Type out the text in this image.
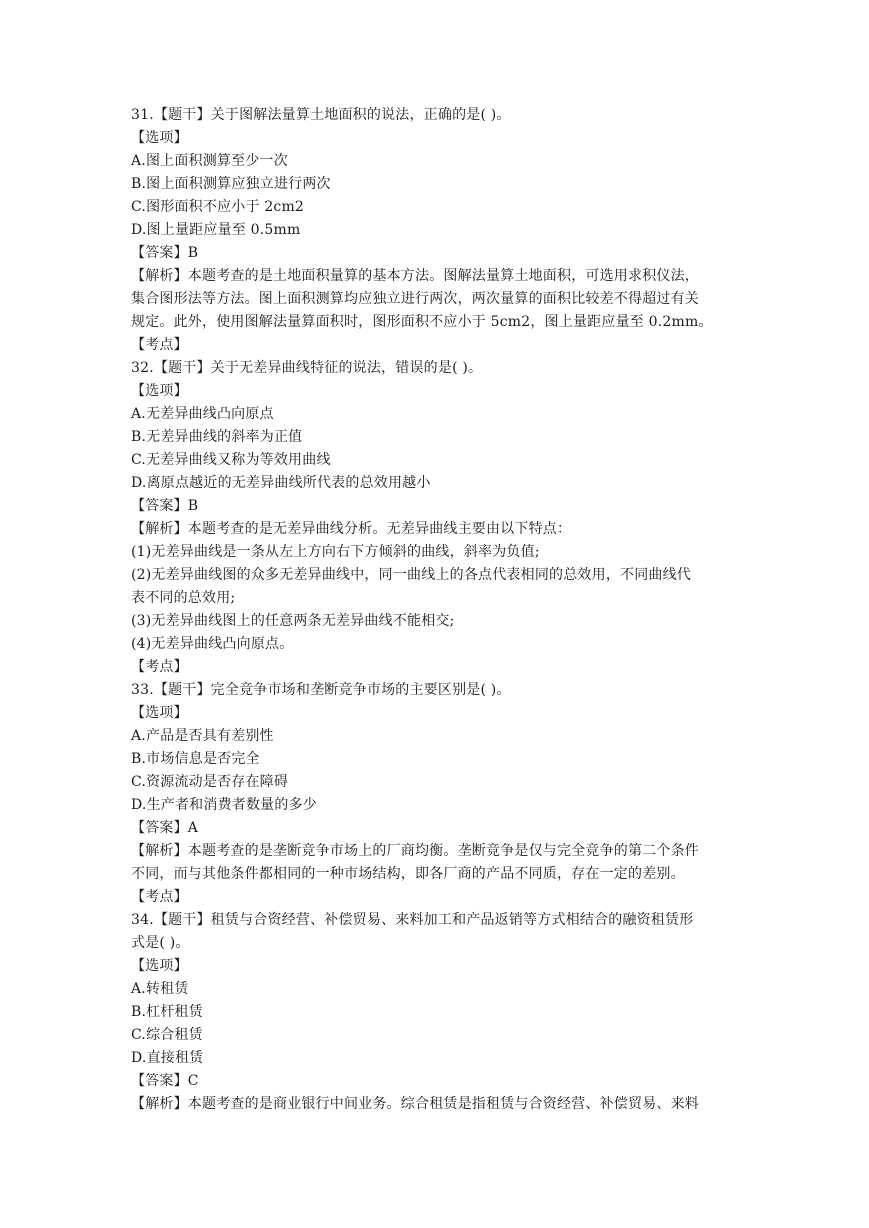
31.【题干】关于图解法量算土地面积的说法，正确的是( )。
【选项】
A.图上面积测算至少一次
B.图上面积测算应独立进行两次
C.图形面积不应小于 2cm2
D.图上量距应量至 0.5mm
【答案】B
【解析】本题考查的是土地面积量算的基本方法。图解法量算土地面积，可选用求积仪法，
集合图形法等方法。图上面积测算均应独立进行两次，两次量算的面积比较差不得超过有关
规定。此外，使用图解法量算面积时，图形面积不应小于 5cm2，图上量距应量至 0.2mm。
【考点】
32.【题干】关于无差异曲线特征的说法，错误的是( )。
【选项】
A.无差异曲线凸向原点
B.无差异曲线的斜率为正值
C.无差异曲线又称为等效用曲线
D.离原点越近的无差异曲线所代表的总效用越小
【答案】B
【解析】本题考查的是无差异曲线分析。无差异曲线主要由以下特点：
(1)无差异曲线是一条从左上方向右下方倾斜的曲线，斜率为负值;
(2)无差异曲线图的众多无差异曲线中，同一曲线上的各点代表相同的总效用，不同曲线代
表不同的总效用;
(3)无差异曲线图上的任意两条无差异曲线不能相交;
(4)无差异曲线凸向原点。
【考点】
33.【题干】完全竞争市场和垄断竞争市场的主要区别是( )。
【选项】
A.产品是否具有差别性
B.市场信息是否完全
C.资源流动是否存在障碍
D.生产者和消费者数量的多少
【答案】A
【解析】本题考查的是垄断竞争市场上的厂商均衡。垄断竞争是仅与完全竞争的第二个条件
不同，而与其他条件都相同的一种市场结构，即各厂商的产品不同质，存在一定的差别。
【考点】
34.【题干】租赁与合资经营、补偿贸易、来料加工和产品返销等方式相结合的融资租赁形
式是( )。
【选项】
A.转租赁
B.杠杆租赁
C.综合租赁
D.直接租赁
【答案】C
【解析】本题考查的是商业银行中间业务。综合租赁是指租赁与合资经营、补偿贸易、来料
